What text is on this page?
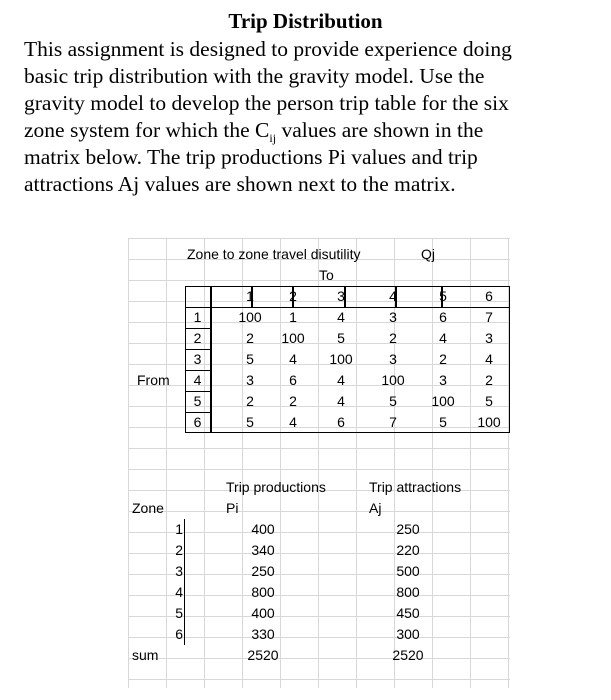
Trip Distribution
This assignment is designed to provide experience doing
basic trip distribution with the gravity model. Use the
gravity model to develop the person trip table for the six
zone system for which the $C_{ij}$ values are shown in the
matrix below. The trip productions Pi values and trip
attractions Aj values are shown next to the matrix.
Zone to zone travel disutility	Qj
To
1	2	3	4	5	6
1	100	1	4	3	6	7
2	2	100	5	2	4	3
3	5	4	100	3	2	4
4	3	6	4	100	3	2
5	2	2	4	5	100	5
6	5	4	6	7	5	100
From
Trip productions	Trip attractions
Zone	Pi	Aj
1	400	250
2	340	220
3	250	500
4	800	800
5	400	450
6	330	300
sum	2520	2520
